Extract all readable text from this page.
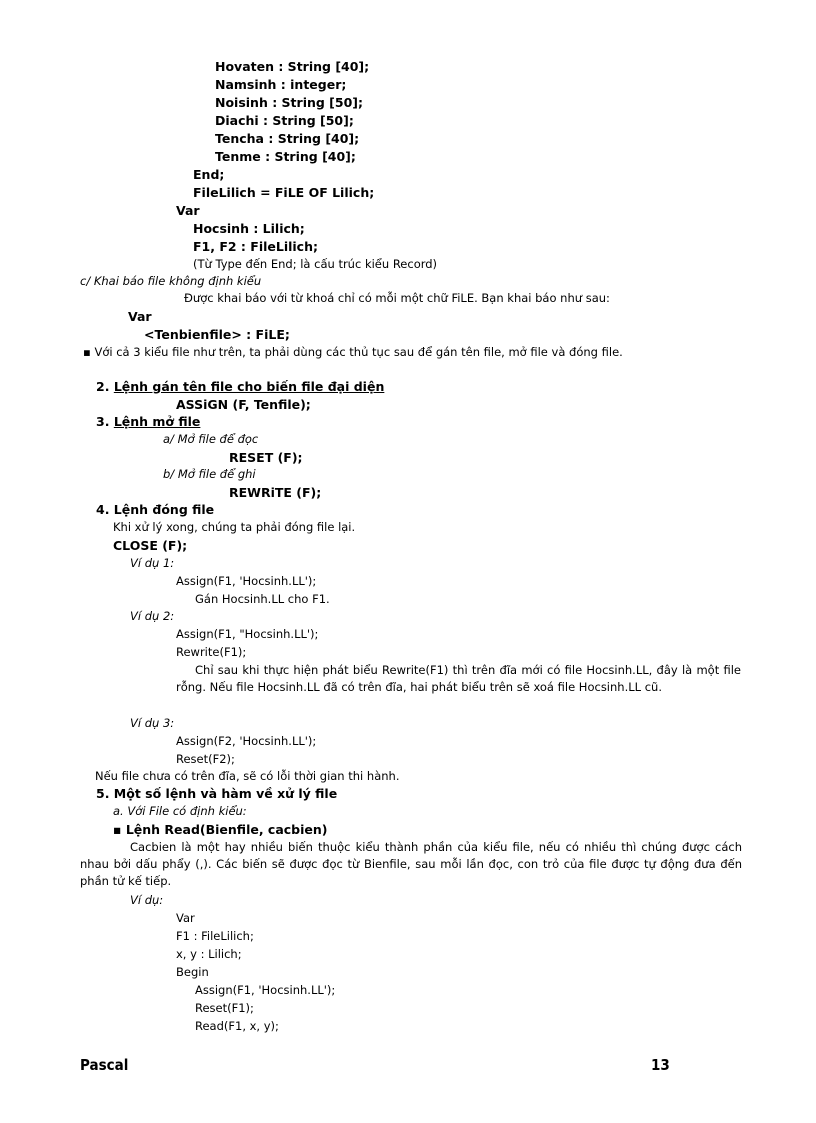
Hovaten : String [40];
Namsinh : integer;
Noisinh : String [50];
Diachi : String [50];
Tencha : String [40];
Tenme : String [40];
End;
FileLilich = FiLE OF Lilich;
Var
Hocsinh : Lilich;
F1, F2 : FileLilich;
(Từ Type đến End; là cấu trúc kiểu Record)
c/ Khai báo file không định kiểu
Được khai báo với từ khoá chỉ có mỗi một chữ FiLE. Bạn khai báo như sau:
Var
<Tenbienfile> : FiLE;
▪ Với cả 3 kiểu file như trên, ta phải dùng các thủ tục sau để gán tên file, mở file và đóng file.
2. Lệnh gán tên file cho biến file đại diện
ASSiGN (F, Tenfile);
3. Lệnh mở file
a/ Mở file để đọc
RESET (F);
b/ Mở file để ghi
REWRiTE (F);
4. Lệnh đóng file
Khi xử lý xong, chúng ta phải đóng file lại.
CLOSE (F);
Ví dụ 1:
Assign(F1, 'Hocsinh.LL');
Gán Hocsinh.LL cho F1.
Ví dụ 2:
Assign(F1, "Hocsinh.LL');
Rewrite(F1);
Chỉ sau khi thực hiện phát biểu Rewrite(F1) thì trên đĩa mới có file Hocsinh.LL, đây là một file rỗng. Nếu file Hocsinh.LL đã có trên đĩa, hai phát biểu trên sẽ xoá file Hocsinh.LL cũ.
Ví dụ 3:
Assign(F2, 'Hocsinh.LL');
Reset(F2);
Nếu file chưa có trên đĩa, sẽ có lỗi thời gian thi hành.
5. Một số lệnh và hàm về xử lý file
a. Với File có định kiểu:
▪ Lệnh Read(Bienfile, cacbien)
Cacbien là một hay nhiều biến thuộc kiểu thành phần của kiểu file, nếu có nhiều thì chúng được cách nhau bởi dấu phẩy (,). Các biến sẽ được đọc từ Bienfile, sau mỗi lần đọc, con trỏ của file được tự động đưa đến phần tử kế tiếp.
Ví dụ:
Var
F1 : FileLilich;
x, y : Lilich;
Begin
Assign(F1, 'Hocsinh.LL');
Reset(F1);
Read(F1, x, y);
Pascal	13
